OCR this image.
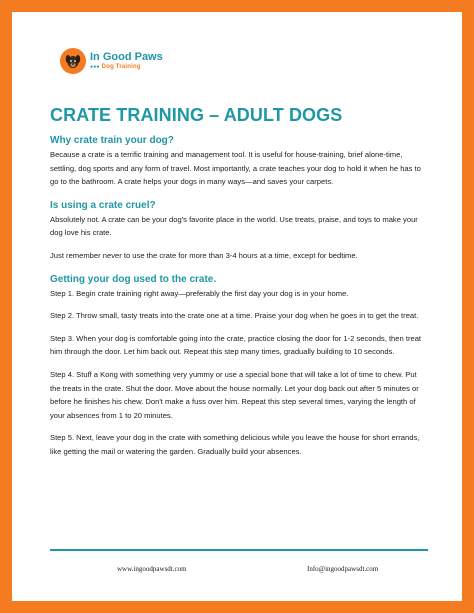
In Good Paws
●●● Dog Training
CRATE TRAINING – ADULT DOGS
Why crate train your dog?

Because a crate is a terrific training and management tool. It is useful for house-training, brief alone-time, settling, dog sports and any form of travel. Most importantly, a crate teaches your dog to hold it when he has to go to the bathroom. A crate helps your dogs in many ways—and saves your carpets.

Is using a crate cruel?

Absolutely not. A crate can be your dog's favorite place in the world. Use treats, praise, and toys to make your dog love his crate.

Just remember never to use the crate for more than 3-4 hours at a time, except for bedtime.

Getting your dog used to the crate.

Step 1. Begin crate training right away—preferably the first day your dog is in your home.

Step 2. Throw small, tasty treats into the crate one at a time. Praise your dog when he goes in to get the treat.

Step 3. When your dog is comfortable going into the crate, practice closing the door for 1-2 seconds, then treat him through the door. Let him back out. Repeat this step many times, gradually building to 10 seconds.

Step 4. Stuff a Kong with something very yummy or use a special bone that will take a lot of time to chew. Put the treats in the crate. Shut the door. Move about the house normally. Let your dog back out after 5 minutes or before he finishes his chew. Don't make a fuss over him. Repeat this step several times, varying the length of your absences from 1 to 20 minutes.

Step 5. Next, leave your dog in the crate with something delicious while you leave the house for short errands, like getting the mail or watering the garden. Gradually build your absences.

www.ingoodpawsdt.com	Info@ingoodpawsdt.com
